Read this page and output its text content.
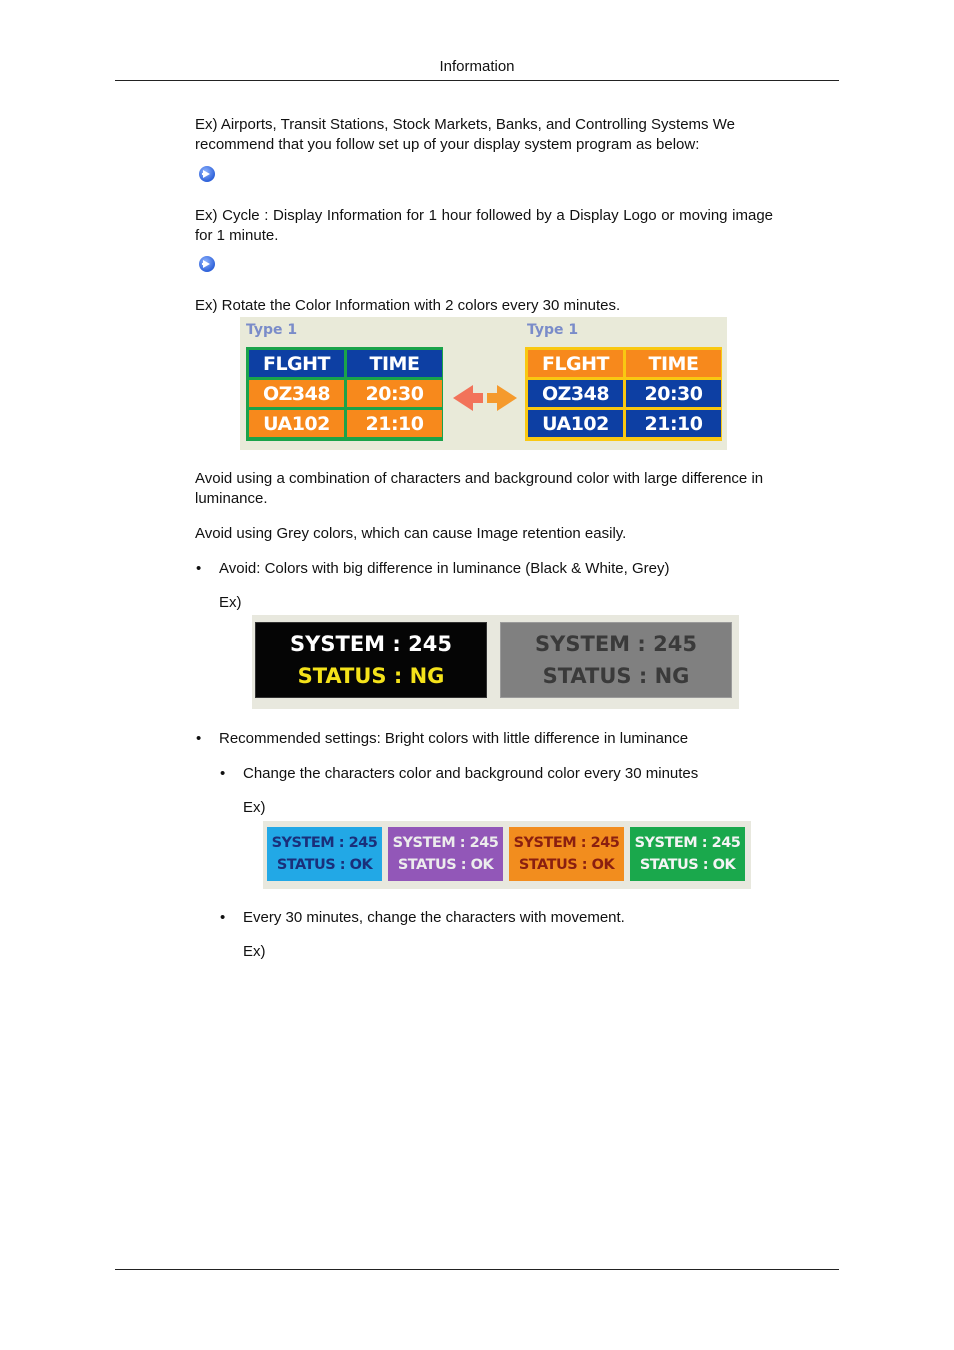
Information

Ex) Airports, Transit Stations, Stock Markets, Banks, and Controlling Systems We recommend that you follow set up of your display system program as below:

Ex) Cycle : Display Information for 1 hour followed by a Display Logo or moving image for 1 minute.

Ex) Rotate the Color Information with 2 colors every 30 minutes.

Type 1
FLGHT	TIME
OZ348	20:30
UA102	21:10
Type 1
FLGHT	TIME
OZ348	20:30
UA102	21:10

Avoid using a combination of characters and background color with large difference in luminance.

Avoid using Grey colors, which can cause Image retention easily.

• Avoid: Colors with big difference in luminance (Black & White, Grey)
Ex)
SYSTEM : 245
STATUS : NG
SYSTEM : 245
STATUS : NG
• Recommended settings: Bright colors with little difference in luminance
• Change the characters color and background color every 30 minutes
Ex)
SYSTEM : 245
STATUS : OK
SYSTEM : 245
STATUS : OK
SYSTEM : 245
STATUS : OK
SYSTEM : 245
STATUS : OK
• Every 30 minutes, change the characters with movement.
Ex)
